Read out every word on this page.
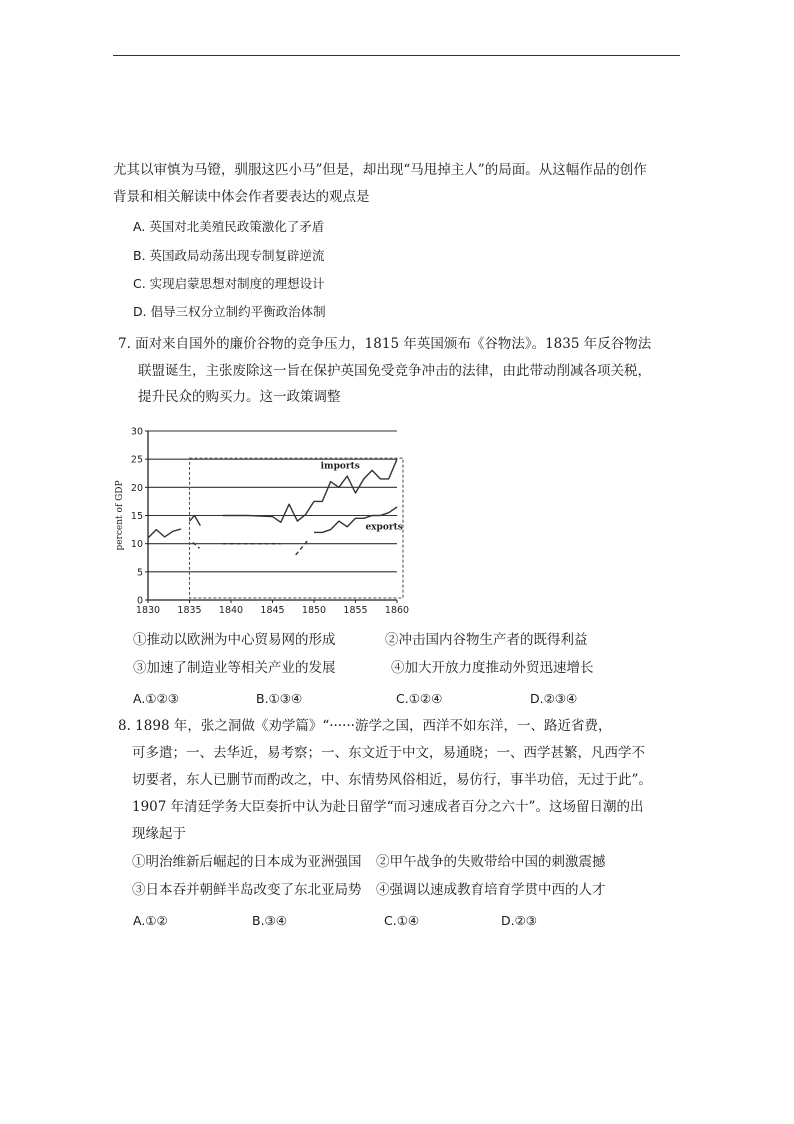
尤其以审慎为马镫，驯服这匹小马”但是，却出现“马甩掉主人”的局面。从这幅作品的创作
背景和相关解读中体会作者要表达的观点是
A. 英国对北美殖民政策激化了矛盾
B. 英国政局动荡出现专制复辟逆流
C. 实现启蒙思想对制度的理想设计
D. 倡导三权分立制约平衡政治体制
7. 面对来自国外的廉价谷物的竞争压力，1815 年英国颁布《谷物法》。1835 年反谷物法
联盟诞生，主张废除这一旨在保护英国免受竞争冲击的法律，由此带动削减各项关税，
提升民众的购买力。这一政策调整
0
5
10
15
20
25
30
1830 1835 1840 1845 1850 1855 1860
percent of GDP
imports
exports
①推动以欧洲为中心贸易网的形成	②冲击国内谷物生产者的既得利益
③加速了制造业等相关产业的发展	④加大开放力度推动外贸迅速增长
A.①②③	B.①③④	C.①②④	D.②③④
8. 1898 年，张之洞做《劝学篇》“······游学之国，西洋不如东洋，一、路近省费，
可多遣；一、去华近，易考察；一、东文近于中文，易通晓；一、西学甚繁，凡西学不
切要者，东人已删节而酌改之，中、东情势风俗相近，易仿行，事半功倍，无过于此”。
1907 年清廷学务大臣奏折中认为赴日留学“而习速成者百分之六十”。这场留日潮的出
现缘起于
①明治维新后崛起的日本成为亚洲强国 ②甲午战争的失败带给中国的刺激震撼
③日本吞并朝鲜半岛改变了东北亚局势 ④强调以速成教育培育学贯中西的人才
A.①②	B.③④	C.①④	D.②③
